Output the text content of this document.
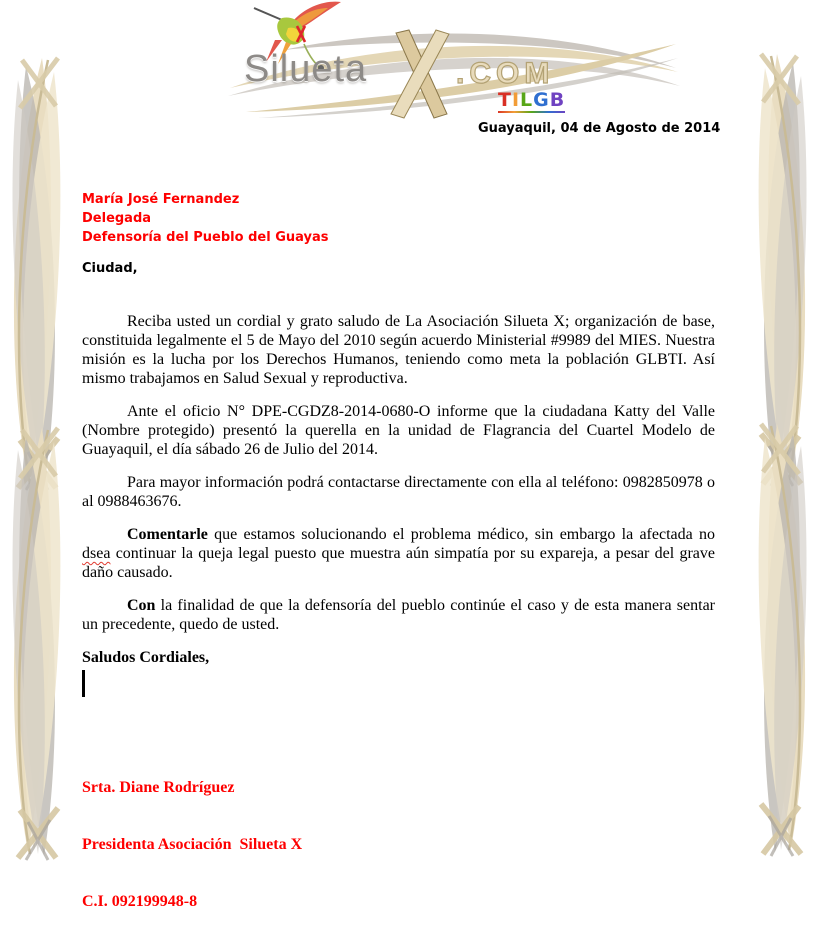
Silueta	.COM
TILGB
Guayaquil, 04 de Agosto de 2014
María José Fernandez
Delegada
Defensoría del Pueblo del Guayas
Ciudad,

Reciba usted un cordial y grato saludo de La Asociación Silueta X; organización de base, constituida legalmente el 5 de Mayo del 2010 según acuerdo Ministerial #9989 del MIES. Nuestra misión es la lucha por los Derechos Humanos, teniendo como meta la población GLBTI. Así mismo trabajamos en Salud Sexual y reproductiva.

Ante el oficio N° DPE-CGDZ8-2014-0680-O informe que la ciudadana Katty del Valle (Nombre protegido) presentó la querella en la unidad de Flagrancia del Cuartel Modelo de Guayaquil, el día sábado 26 de Julio del 2014.

Para mayor información podrá contactarse directamente con ella al teléfono: 0982850978 o al 0988463676.

Comentarle que estamos solucionando el problema médico, sin embargo la afectada no dsea continuar la queja legal puesto que muestra aún simpatía por su expareja, a pesar del grave daño causado.

Con la finalidad de que la defensoría del pueblo continúe el caso y de esta manera sentar un precedente, quedo de usted.

Saludos Cordiales,

Srta. Diane Rodríguez

Presidenta Asociación  Silueta X

C.I. 092199948-8
